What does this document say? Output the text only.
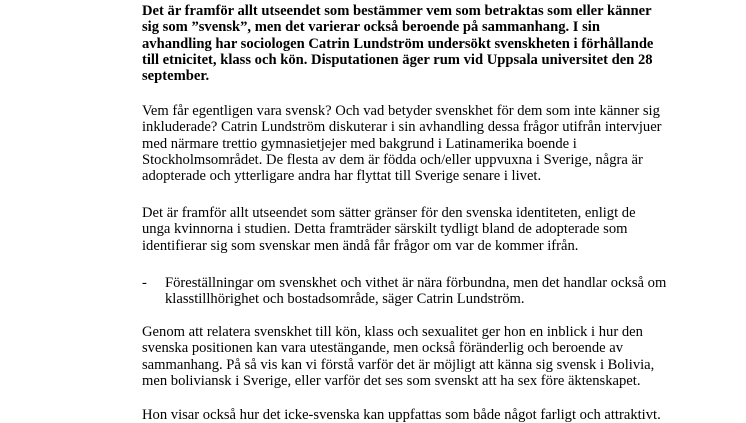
Det är framför allt utseendet som bestämmer vem som betraktas som eller känner
sig som ”svensk”, men det varierar också beroende på sammanhang. I sin
avhandling har sociologen Catrin Lundström undersökt svenskheten i förhållande
till etnicitet, klass och kön. Disputationen äger rum vid Uppsala universitet den 28
september.

Vem får egentligen vara svensk? Och vad betyder svenskhet för dem som inte känner sig
inkluderade? Catrin Lundström diskuterar i sin avhandling dessa frågor utifrån intervjuer
med närmare trettio gymnasietjejer med bakgrund i Latinamerika boende i
Stockholmsområdet. De flesta av dem är födda och/eller uppvuxna i Sverige, några är
adopterade och ytterligare andra har flyttat till Sverige senare i livet.

Det är framför allt utseendet som sätter gränser för den svenska identiteten, enligt de
unga kvinnorna i studien. Detta framträder särskilt tydligt bland de adopterade som
identifierar sig som svenskar men ändå får frågor om var de kommer ifrån.

-	Föreställningar om svenskhet och vithet är nära förbundna, men det handlar också om
klasstillhörighet och bostadsområde, säger Catrin Lundström.

Genom att relatera svenskhet till kön, klass och sexualitet ger hon en inblick i hur den
svenska positionen kan vara utestängande, men också föränderlig och beroende av
sammanhang. På så vis kan vi förstå varför det är möjligt att känna sig svensk i Bolivia,
men boliviansk i Sverige, eller varför det ses som svenskt att ha sex före äktenskapet.

Hon visar också hur det icke-svenska kan uppfattas som både något farligt och attraktivt.
